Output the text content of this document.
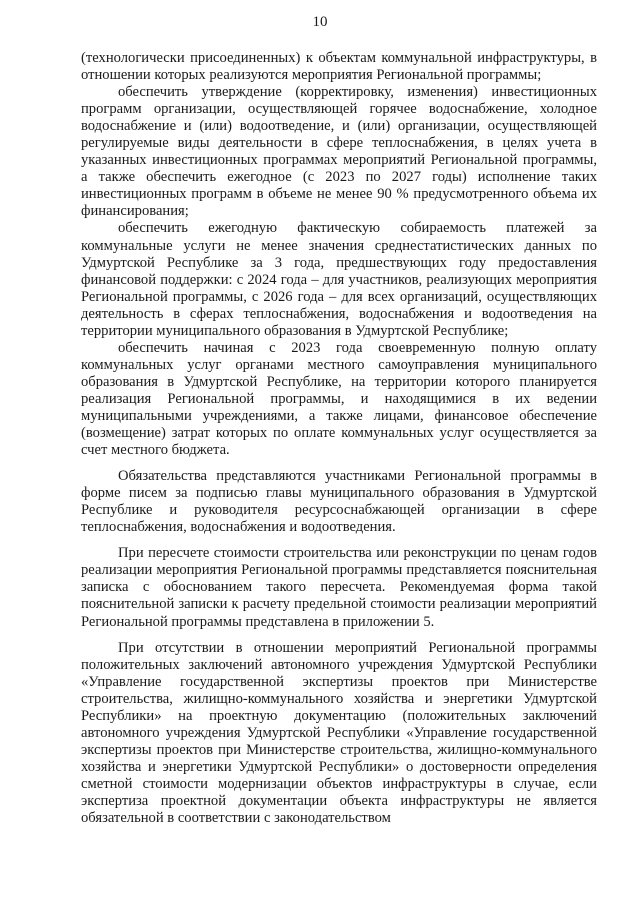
10

(технологически присоединенных) к объектам коммунальной инфраструктуры, в отношении которых реализуются мероприятия Региональной программы;

обеспечить утверждение (корректировку, изменения) инвестиционных программ организации, осуществляющей горячее водоснабжение, холодное водоснабжение и (или) водоотведение, и (или) организации, осуществляющей регулируемые виды деятельности в сфере теплоснабжения, в целях учета в указанных инвестиционных программах мероприятий Региональной программы, а также обеспечить ежегодное (с 2023 по 2027 годы) исполнение таких инвестиционных программ в объеме не менее 90 % предусмотренного объема их финансирования;

обеспечить ежегодную фактическую собираемость платежей за коммунальные услуги не менее значения среднестатистических данных по Удмуртской Республике за 3 года, предшествующих году предоставления финансовой поддержки: с 2024 года – для участников, реализующих мероприятия Региональной программы, с 2026 года – для всех организаций, осуществляющих деятельность в сферах теплоснабжения, водоснабжения и водоотведения на территории муниципального образования в Удмуртской Республике;

обеспечить начиная с 2023 года своевременную полную оплату коммунальных услуг органами местного самоуправления муниципального образования в Удмуртской Республике, на территории которого планируется реализация Региональной программы, и находящимися в их ведении муниципальными учреждениями, а также лицами, финансовое обеспечение (возмещение) затрат которых по оплате коммунальных услуг осуществляется за счет местного бюджета.

Обязательства представляются участниками Региональной программы в форме писем за подписью главы муниципального образования в Удмуртской Республике и руководителя ресурсоснабжающей организации в сфере теплоснабжения, водоснабжения и водоотведения.

При пересчете стоимости строительства или реконструкции по ценам годов реализации мероприятия Региональной программы представляется пояснительная записка с обоснованием такого пересчета. Рекомендуемая форма такой пояснительной записки к расчету предельной стоимости реализации мероприятий Региональной программы представлена в приложении 5.

При отсутствии в отношении мероприятий Региональной программы положительных заключений автономного учреждения Удмуртской Республики «Управление государственной экспертизы проектов при Министерстве строительства, жилищно-коммунального хозяйства и энергетики Удмуртской Республики» на проектную документацию (положительных заключений автономного учреждения Удмуртской Республики «Управление государственной экспертизы проектов при Министерстве строительства, жилищно-коммунального хозяйства и энергетики Удмуртской Республики» о достоверности определения сметной стоимости модернизации объектов инфраструктуры в случае, если экспертиза проектной документации объекта инфраструктуры не является обязательной в соответствии с законодательством
